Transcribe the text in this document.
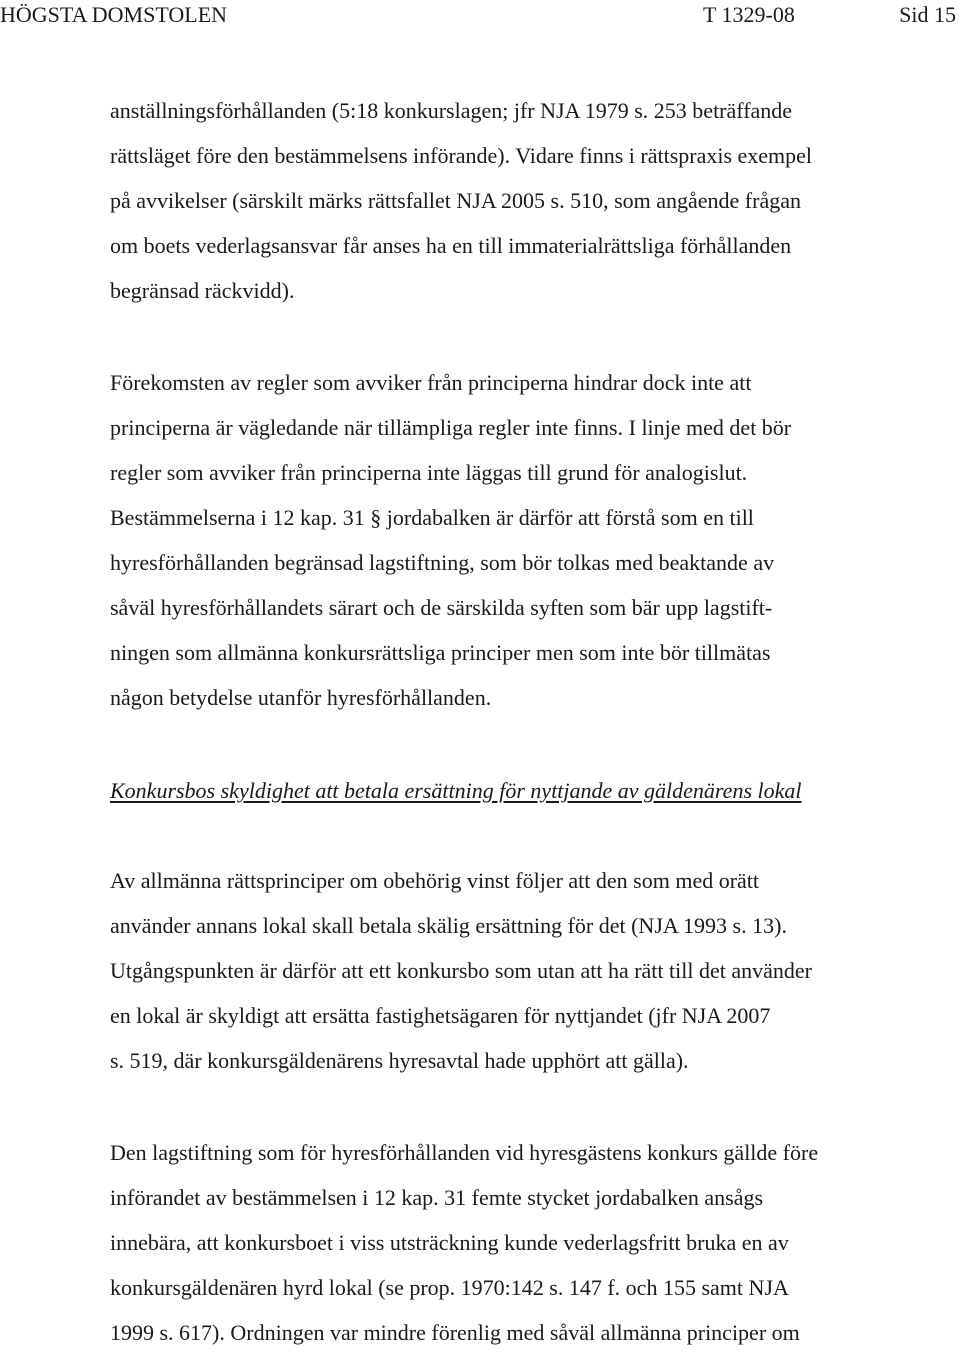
HÖGSTA DOMSTOLEN	T 1329-08	Sid 15
anställningsförhållanden (5:18 konkurslagen; jfr NJA 1979 s. 253 beträffande
rättsläget före den bestämmelsens införande). Vidare finns i rättspraxis exempel
på avvikelser (särskilt märks rättsfallet NJA 2005 s. 510, som angående frågan
om boets vederlagsansvar får anses ha en till immaterialrättsliga förhållanden
begränsad räckvidd).
Förekomsten av regler som avviker från principerna hindrar dock inte att
principerna är vägledande när tillämpliga regler inte finns. I linje med det bör
regler som avviker från principerna inte läggas till grund för analogislut.
Bestämmelserna i 12 kap. 31 § jordabalken är därför att förstå som en till
hyresförhållanden begränsad lagstiftning, som bör tolkas med beaktande av
såväl hyresförhållandets särart och de särskilda syften som bär upp lagstift-
ningen som allmänna konkursrättsliga principer men som inte bör tillmätas
någon betydelse utanför hyresförhållanden.
Konkursbos skyldighet att betala ersättning för nyttjande av gäldenärens lokal
Av allmänna rättsprinciper om obehörig vinst följer att den som med orätt
använder annans lokal skall betala skälig ersättning för det (NJA 1993 s. 13).
Utgångspunkten är därför att ett konkursbo som utan att ha rätt till det använder
en lokal är skyldigt att ersätta fastighetsägaren för nyttjandet (jfr NJA 2007
s. 519, där konkursgäldenärens hyresavtal hade upphört att gälla).
Den lagstiftning som för hyresförhållanden vid hyresgästens konkurs gällde före
införandet av bestämmelsen i 12 kap. 31 femte stycket jordabalken ansågs
innebära, att konkursboet i viss utsträckning kunde vederlagsfritt bruka en av
konkursgäldenären hyrd lokal (se prop. 1970:142 s. 147 f. och 155 samt NJA
1999 s. 617). Ordningen var mindre förenlig med såväl allmänna principer om
